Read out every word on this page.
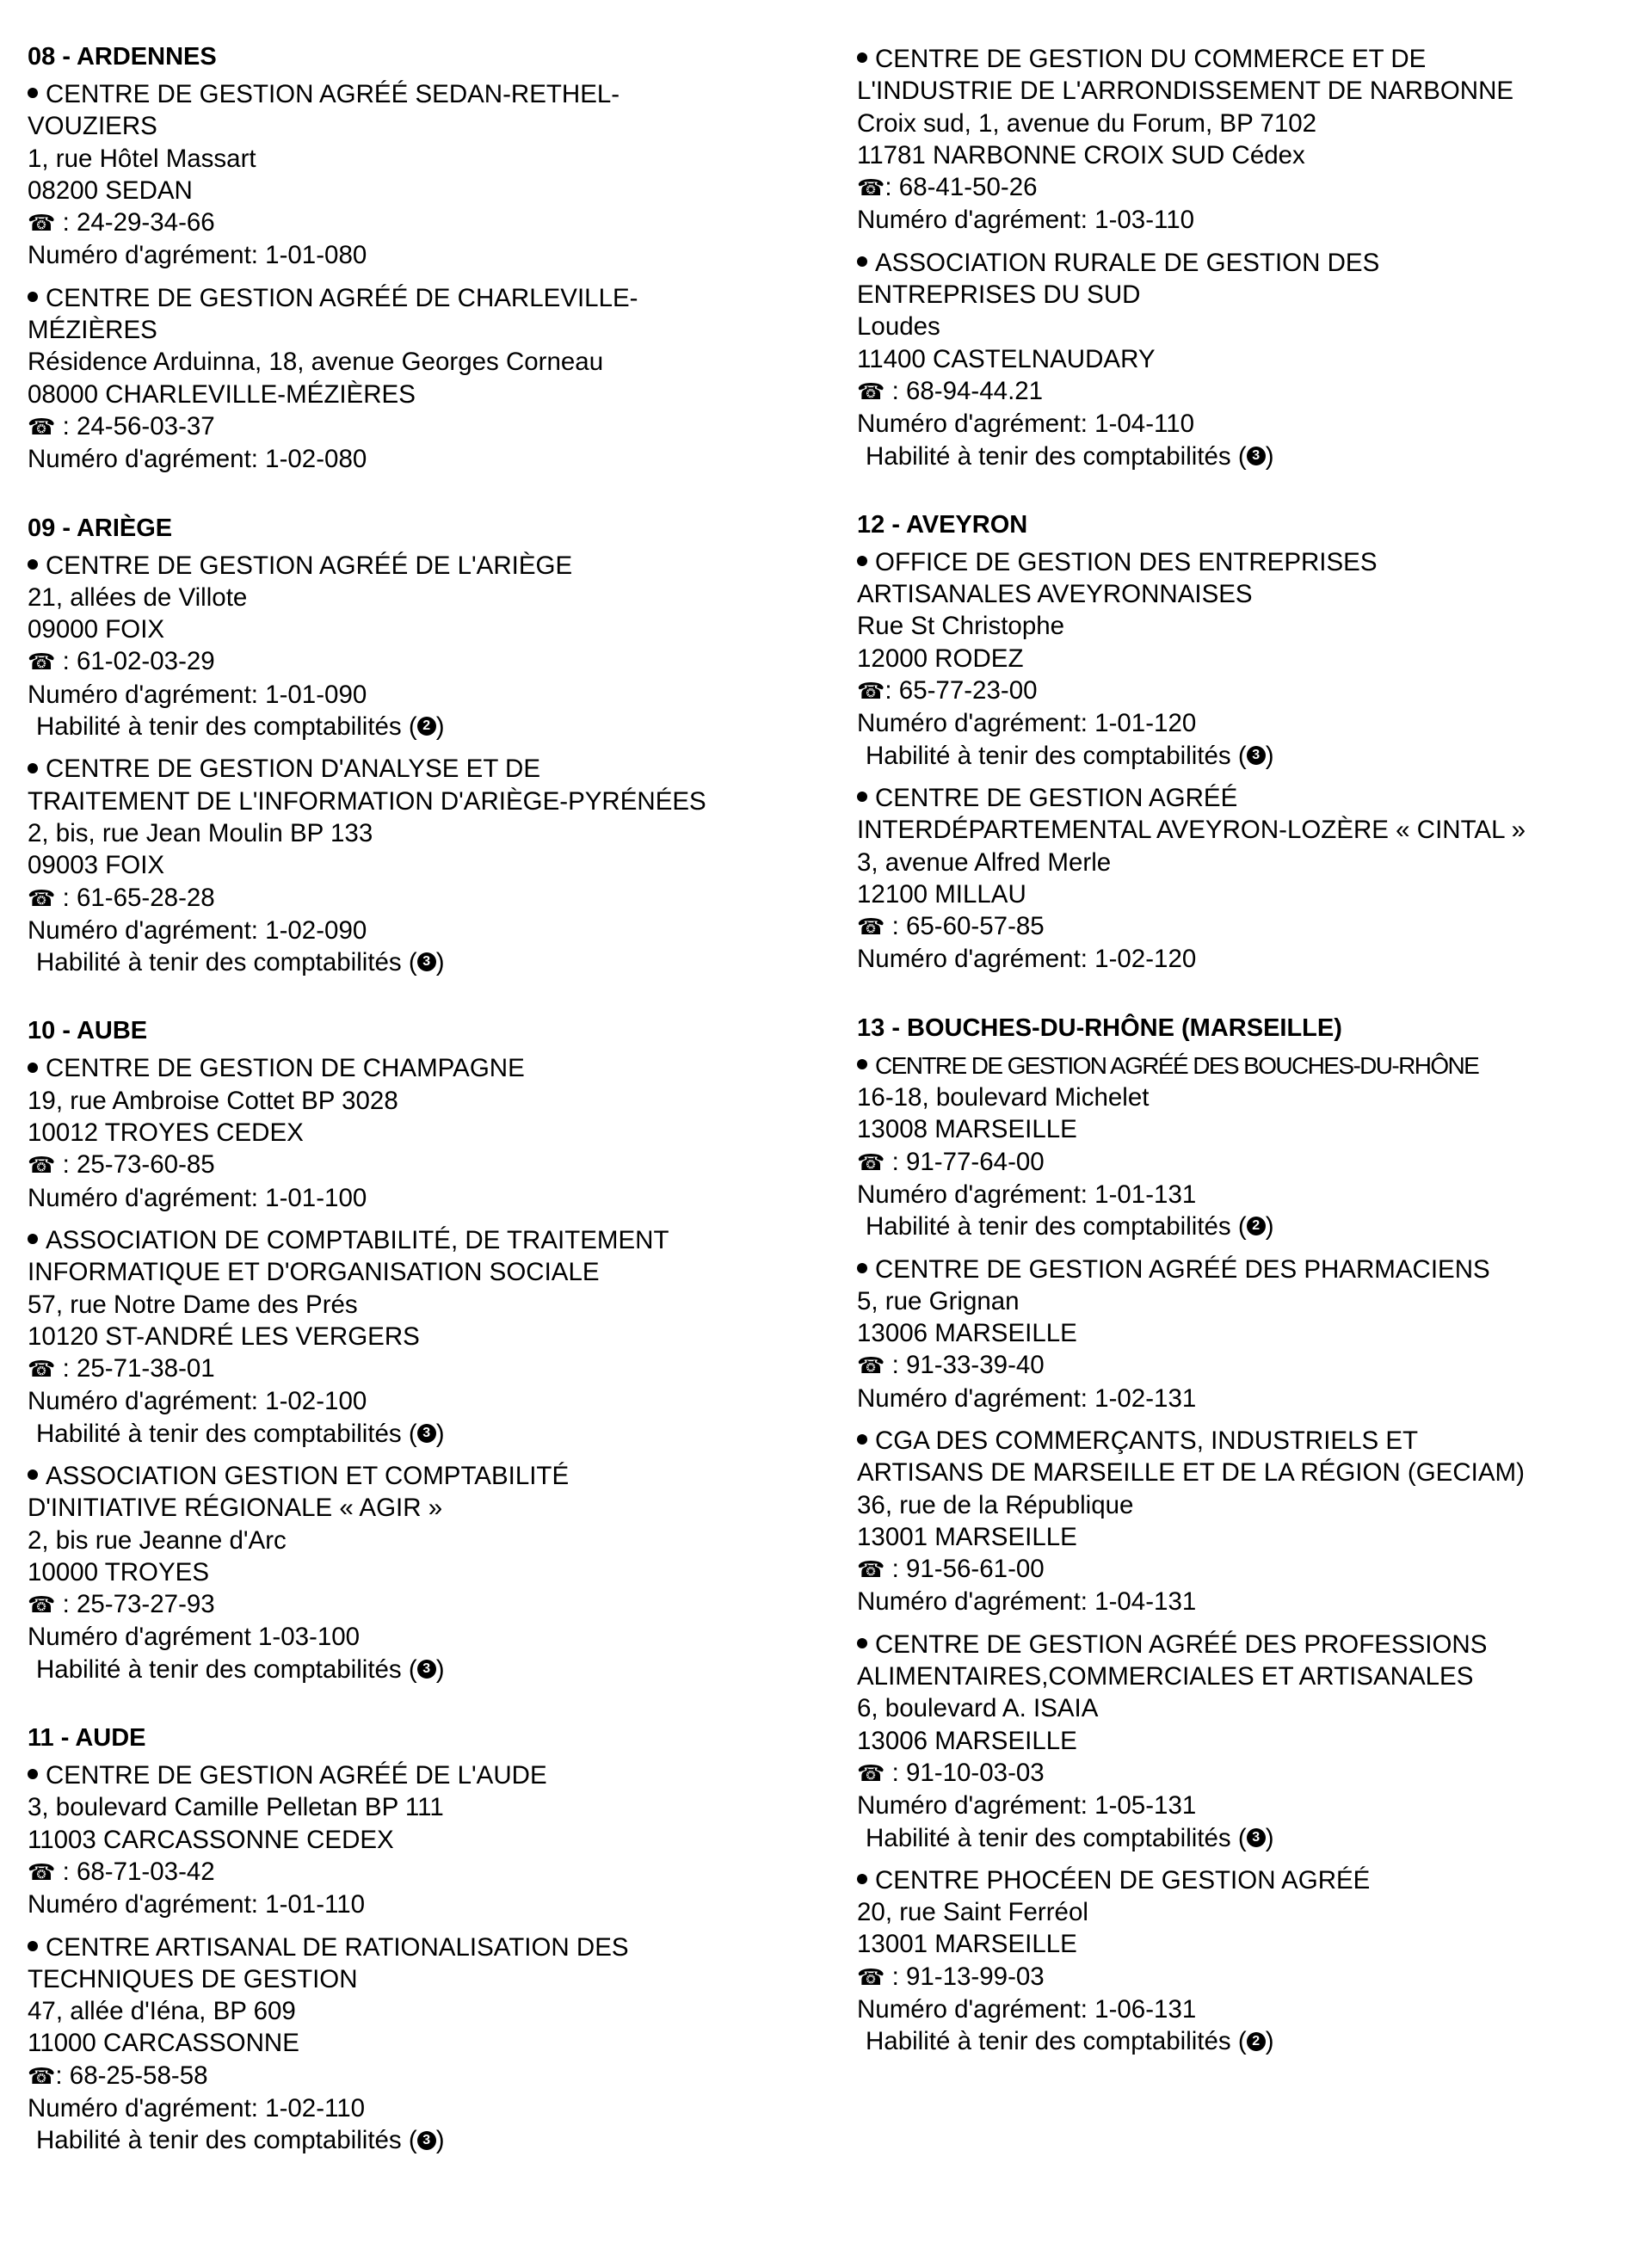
08 - ARDENNES
CENTRE DE GESTION AGRÉÉ SEDAN-RETHEL-
VOUZIERS
1, rue Hôtel Massart
08200 SEDAN
☎ : 24-29-34-66
Numéro d'agrément: 1-01-080
CENTRE DE GESTION AGRÉÉ DE CHARLEVILLE-
MÉZIÈRES
Résidence Arduinna, 18, avenue Georges Corneau
08000 CHARLEVILLE-MÉZIÈRES
☎ : 24-56-03-37
Numéro d'agrément: 1-02-080
09 - ARIÈGE
CENTRE DE GESTION AGRÉÉ DE L'ARIÈGE
21, allées de Villote
09000 FOIX
☎ : 61-02-03-29
Numéro d'agrément: 1-01-090
Habilité à tenir des comptabilités ( 2 )
CENTRE DE GESTION D'ANALYSE ET DE
TRAITEMENT DE L'INFORMATION D'ARIÈGE-PYRÉNÉES
2, bis, rue Jean Moulin BP 133
09003 FOIX
☎ : 61-65-28-28
Numéro d'agrément: 1-02-090
Habilité à tenir des comptabilités ( 3 )
10 - AUBE
CENTRE DE GESTION DE CHAMPAGNE
19, rue Ambroise Cottet BP 3028
10012 TROYES CEDEX
☎ : 25-73-60-85
Numéro d'agrément: 1-01-100
ASSOCIATION DE COMPTABILITÉ, DE TRAITEMENT
INFORMATIQUE ET D'ORGANISATION SOCIALE
57, rue Notre Dame des Prés
10120 ST-ANDRÉ LES VERGERS
☎ : 25-71-38-01
Numéro d'agrément: 1-02-100
Habilité à tenir des comptabilités ( 3 )
ASSOCIATION GESTION ET COMPTABILITÉ
D'INITIATIVE RÉGIONALE « AGIR »
2, bis rue Jeanne d'Arc
10000 TROYES
☎ : 25-73-27-93
Numéro d'agrément 1-03-100
Habilité à tenir des comptabilités ( 3 )
11 - AUDE
CENTRE DE GESTION AGRÉÉ DE L'AUDE
3, boulevard Camille Pelletan BP 111
11003 CARCASSONNE CEDEX
☎ : 68-71-03-42
Numéro d'agrément: 1-01-110
CENTRE ARTISANAL DE RATIONALISATION DES
TECHNIQUES DE GESTION
47, allée d'Iéna, BP 609
11000 CARCASSONNE
☎: 68-25-58-58
Numéro d'agrément: 1-02-110
Habilité à tenir des comptabilités ( 3 )
CENTRE DE GESTION DU COMMERCE ET DE
L'INDUSTRIE DE L'ARRONDISSEMENT DE NARBONNE
Croix sud, 1, avenue du Forum, BP 7102
11781 NARBONNE CROIX SUD Cédex
☎: 68-41-50-26
Numéro d'agrément: 1-03-110
ASSOCIATION RURALE DE GESTION DES
ENTREPRISES DU SUD
Loudes
11400 CASTELNAUDARY
☎ : 68-94-44.21
Numéro d'agrément: 1-04-110
Habilité à tenir des comptabilités ( 3 )
12 - AVEYRON
OFFICE DE GESTION DES ENTREPRISES
ARTISANALES AVEYRONNAISES
Rue St Christophe
12000 RODEZ
☎: 65-77-23-00
Numéro d'agrément: 1-01-120
Habilité à tenir des comptabilités ( 3 )
CENTRE DE GESTION AGRÉÉ
INTERDÉPARTEMENTAL AVEYRON-LOZÈRE « CINTAL »
3, avenue Alfred Merle
12100 MILLAU
☎ : 65-60-57-85
Numéro d'agrément: 1-02-120
13 - BOUCHES-DU-RHÔNE (MARSEILLE)
CENTRE DE GESTION AGRÉÉ DES BOUCHES-DU-RHÔNE
16-18, boulevard Michelet
13008 MARSEILLE
☎ : 91-77-64-00
Numéro d'agrément: 1-01-131
Habilité à tenir des comptabilités ( 2 )
CENTRE DE GESTION AGRÉÉ DES PHARMACIENS
5, rue Grignan
13006 MARSEILLE
☎ : 91-33-39-40
Numéro d'agrément: 1-02-131
CGA DES COMMERÇANTS, INDUSTRIELS ET
ARTISANS DE MARSEILLE ET DE LA RÉGION (GECIAM)
36, rue de la République
13001 MARSEILLE
☎ : 91-56-61-00
Numéro d'agrément: 1-04-131
CENTRE DE GESTION AGRÉÉ DES PROFESSIONS
ALIMENTAIRES,COMMERCIALES ET ARTISANALES
6, boulevard A. ISAIA
13006 MARSEILLE
☎ : 91-10-03-03
Numéro d'agrément: 1-05-131
Habilité à tenir des comptabilités ( 3 )
CENTRE PHOCÉEN DE GESTION AGRÉÉ
20, rue Saint Ferréol
13001 MARSEILLE
☎ : 91-13-99-03
Numéro d'agrément: 1-06-131
Habilité à tenir des comptabilités ( 2 )
